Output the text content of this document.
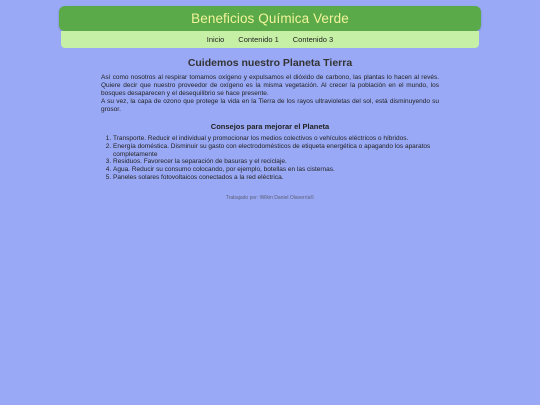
Beneficios Química Verde
Inicio	Contenido 1	Contenido 3
Cuidemos nuestro Planeta Tierra

Así como nosotros al respirar tomamos oxígeno y expulsamos el dióxido de carbono, las plantas lo hacen al revés. Quiere decir que nuestro proveedor de oxígeno es la misma vegetación. Al crecer la población en el mundo, los bosques desaparecen y el desequilibrio se hace presente.

A su vez, la capa de ozono que protege la vida en la Tierra de los rayos ultravioletas del sol, está disminuyendo su grosor.

Consejos para mejorar el Planeta
1. Transporte. Reducir el individual y promocionar los medios colectivos o vehículos eléctricos o híbridos.
2. Energía doméstica. Disminuir su gasto con electrodomésticos de etiqueta energética o apagando los aparatos completamente
3. Residuos. Favorecer la separación de basuras y el reciclaje.
4. Agua. Reducir su consumo colocando, por ejemplo, botellas en las cisternas.
5. Paneles solares fotovoltaicos conectados a la red eléctrica.
Trabajado por: Wilkin Daniel Olaverría©
